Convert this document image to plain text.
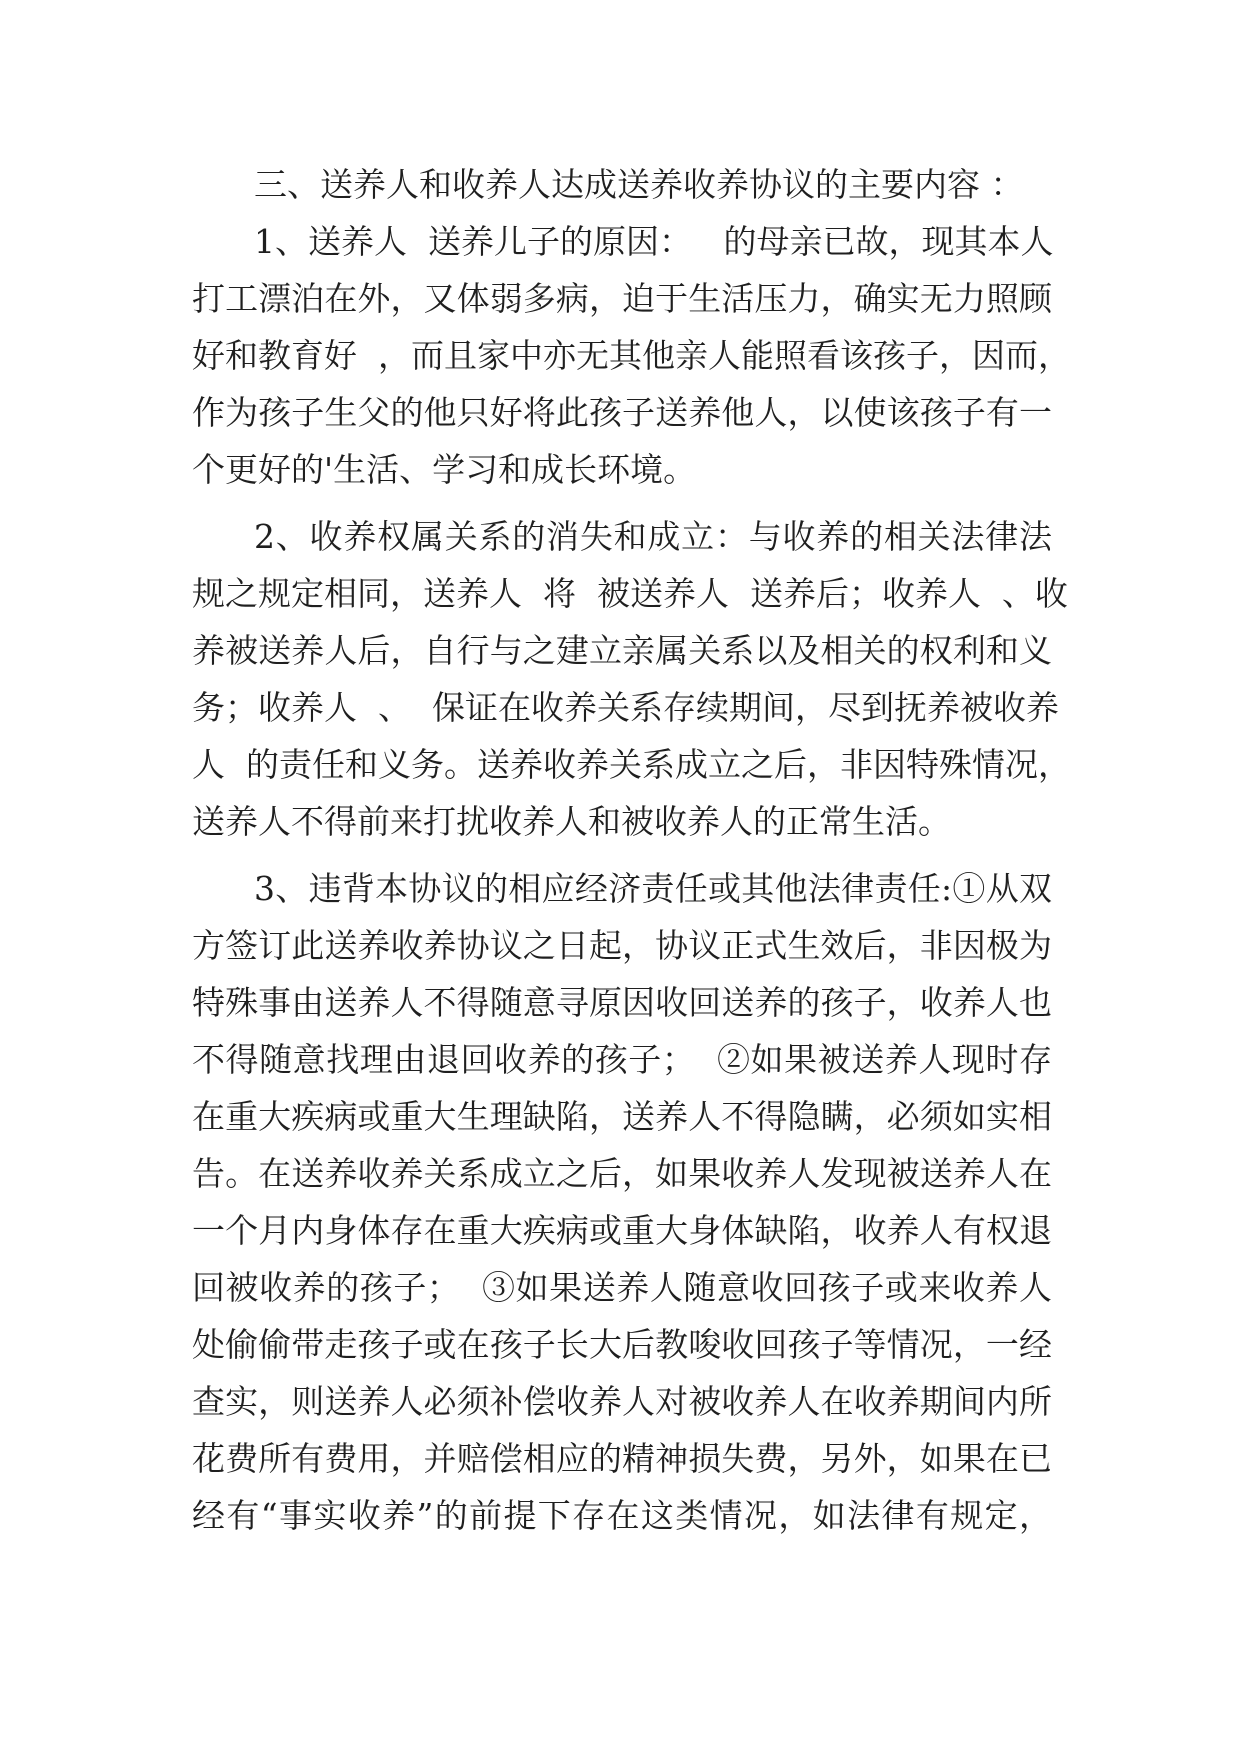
三、送养人和收养人达成送养收养协议的主要内容 ：
1、送养人  送养儿子的原因：   的母亲已故，现其本人
打工漂泊在外，又体弱多病，迫于生活压力，确实无力照顾
好和教育好  ，而且家中亦无其他亲人能照看该孩子，因而，
作为孩子生父的他只好将此孩子送养他人，以使该孩子有一
个更好的'生活、学习和成长环境。
2、收养权属关系的消失和成立：与收养的相关法律法
规之规定相同，送养人  将  被送养人  送养后；收养人  、收
养被送养人后，自行与之建立亲属关系以及相关的权利和义
务；收养人  、  保证在收养关系存续期间，尽到抚养被收养
人  的责任和义务。送养收养关系成立之后，非因特殊情况，
送养人不得前来打扰收养人和被收养人的正常生活。
3、违背本协议的相应经济责任或其他法律责任:①从双
方签订此送养收养协议之日起，协议正式生效后，非因极为
特殊事由送养人不得随意寻原因收回送养的孩子，收养人也
不得随意找理由退回收养的孩子；  ②如果被送养人现时存
在重大疾病或重大生理缺陷，送养人不得隐瞒，必须如实相
告。在送养收养关系成立之后，如果收养人发现被送养人在
一个月内身体存在重大疾病或重大身体缺陷，收养人有权退
回被收养的孩子；  ③如果送养人随意收回孩子或来收养人
处偷偷带走孩子或在孩子长大后教唆收回孩子等情况，一经
查实，则送养人必须补偿收养人对被收养人在收养期间内所
花费所有费用，并赔偿相应的精神损失费，另外，如果在已
经有“事实收养”的前提下存在这类情况，如法律有规定，
